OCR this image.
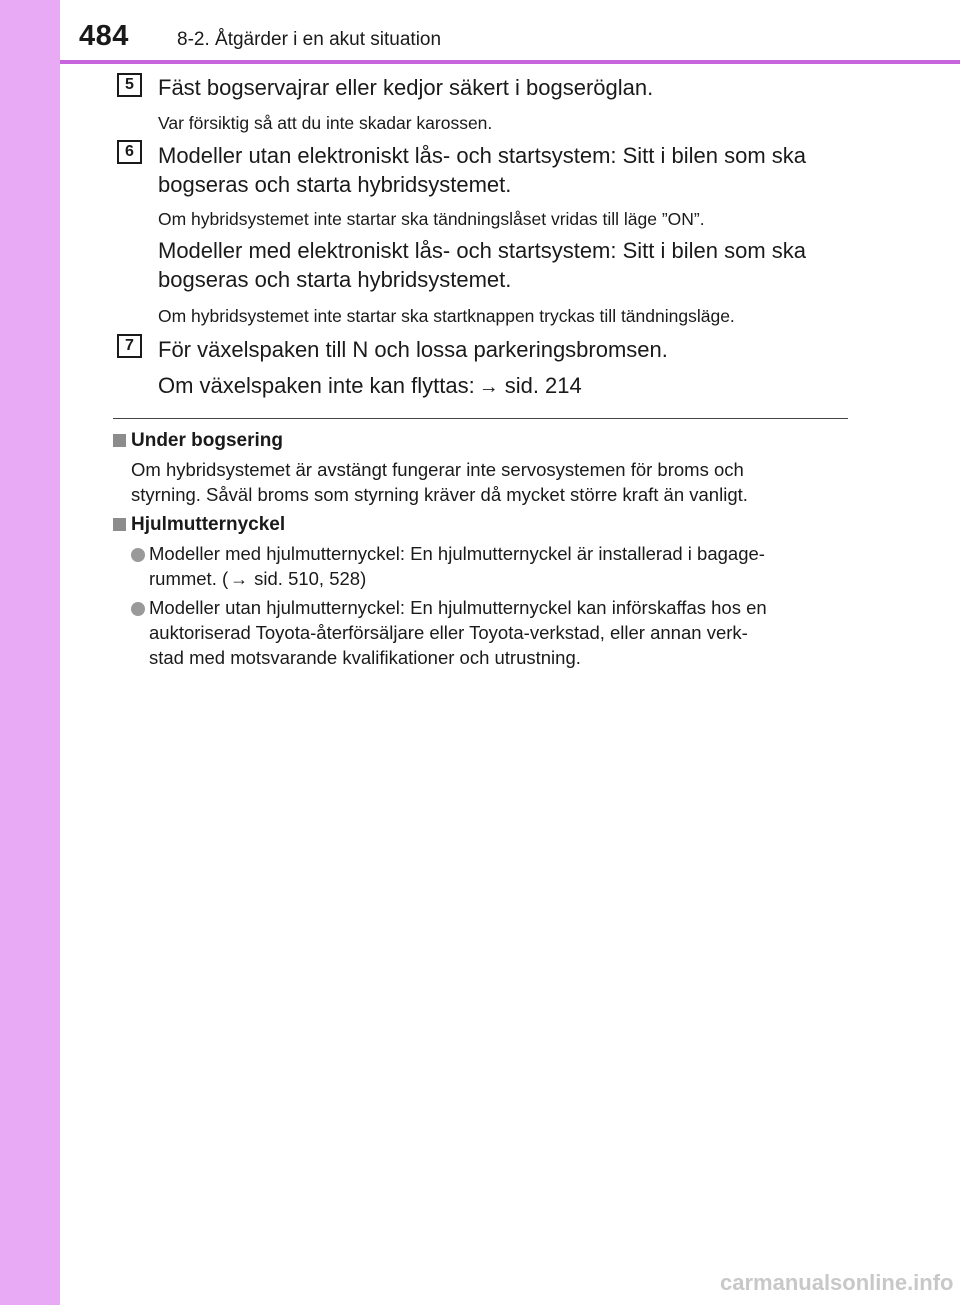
484	8-2. Åtgärder i en akut situation
5	Fäst bogservajrar eller kedjor säkert i bogseröglan.
Var försiktig så att du inte skadar karossen.
6	Modeller utan elektroniskt lås- och startsystem: Sitt i bilen som ska
bogseras och starta hybridsystemet.
Om hybridsystemet inte startar ska tändningslåset vridas till läge ”ON”.
Modeller med elektroniskt lås- och startsystem: Sitt i bilen som ska
bogseras och starta hybridsystemet.
Om hybridsystemet inte startar ska startknappen tryckas till tändningsläge.
7	För växelspaken till N och lossa parkeringsbromsen.
Om växelspaken inte kan flyttas: → sid. 214
Under bogsering
Om hybridsystemet är avstängt fungerar inte servosystemen för broms och
styrning. Såväl broms som styrning kräver då mycket större kraft än vanligt.
Hjulmutternyckel
Modeller med hjulmutternyckel: En hjulmutternyckel är installerad i bagage-
rummet. ( → sid. 510, 528)
Modeller utan hjulmutternyckel: En hjulmutternyckel kan införskaffas hos en
auktoriserad Toyota-återförsäljare eller Toyota-verkstad, eller annan verk-
stad med motsvarande kvalifikationer och utrustning.
carmanualsonline.info
